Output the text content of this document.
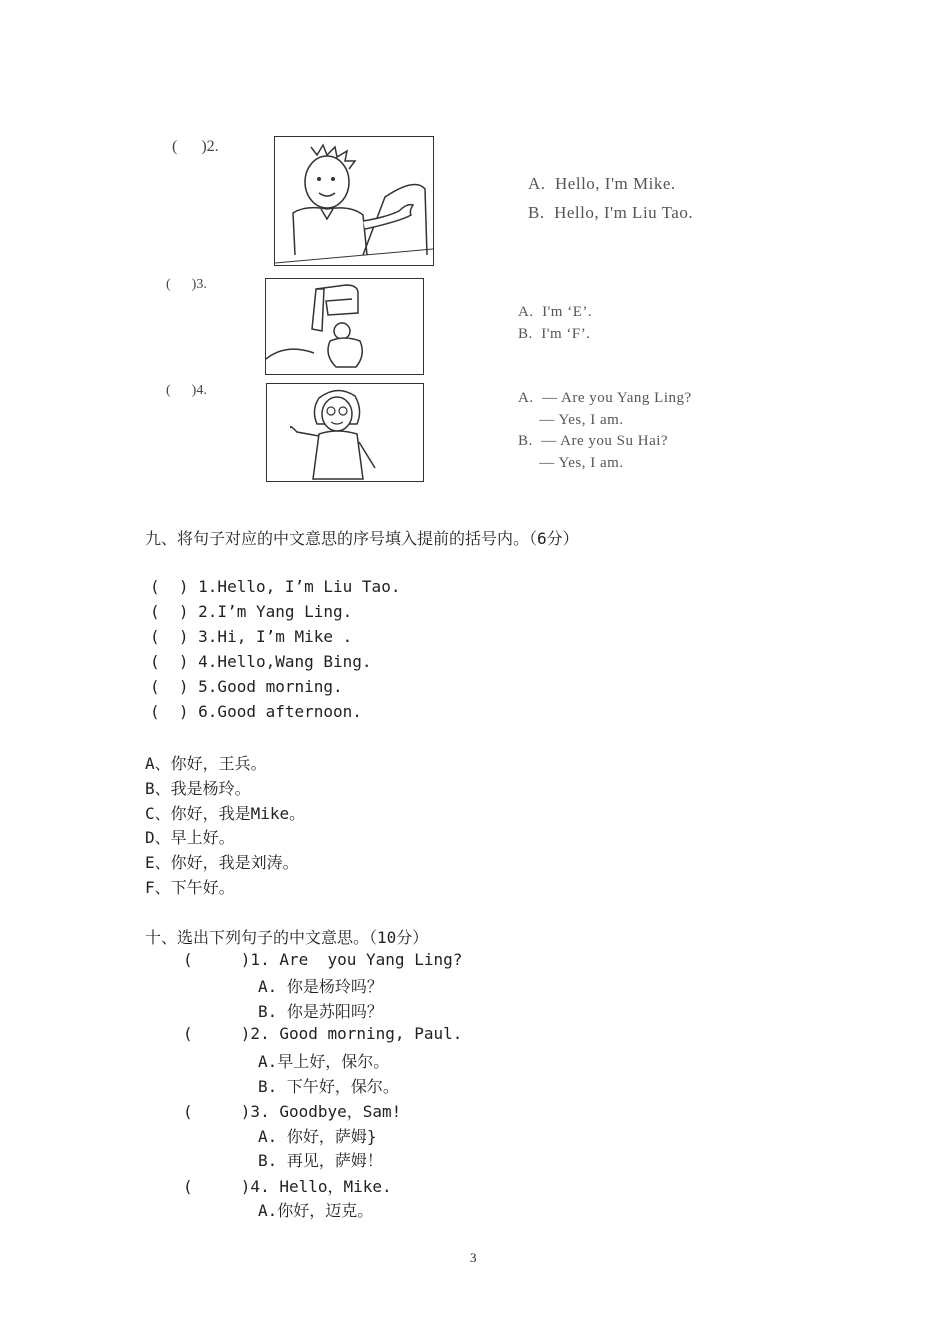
(      )2.
A.  Hello, I'm Mike.
B.  Hello, I'm Liu Tao.
(      )3.
A.  I'm ‘E’.
B.  I'm ‘F’.
(      )4.	A.  — Are you Yang Ling?
— Yes, I am.
B.  — Are you Su Hai?
— Yes, I am.
九、将句子对应的中文意思的序号填入提前的括号内。（6分）
(  ) 1.Hello, I’m Liu Tao.
(  ) 2.I’m Yang Ling.
(  ) 3.Hi, I’m Mike .
(  ) 4.Hello,Wang Bing.
(  ) 5.Good morning.
(  ) 6.Good afternoon.
A、你好，王兵。
B、我是杨玲。
C、你好，我是Mike。
D、早上好。
E、你好，我是刘涛。
F、下午好。
十、选出下列句子的中文意思。（10分）
(     )1. Are  you Yang Ling?
A. 你是杨玲吗？
B. 你是苏阳吗？
(     )2. Good morning, Paul.
A.早上好，保尔。
B. 下午好，保尔。
(     )3. Goodbye，Sam!
A. 你好，萨姆}
B. 再见，萨姆！
(     )4. Hello，Mike.
A.你好，迈克。
3
